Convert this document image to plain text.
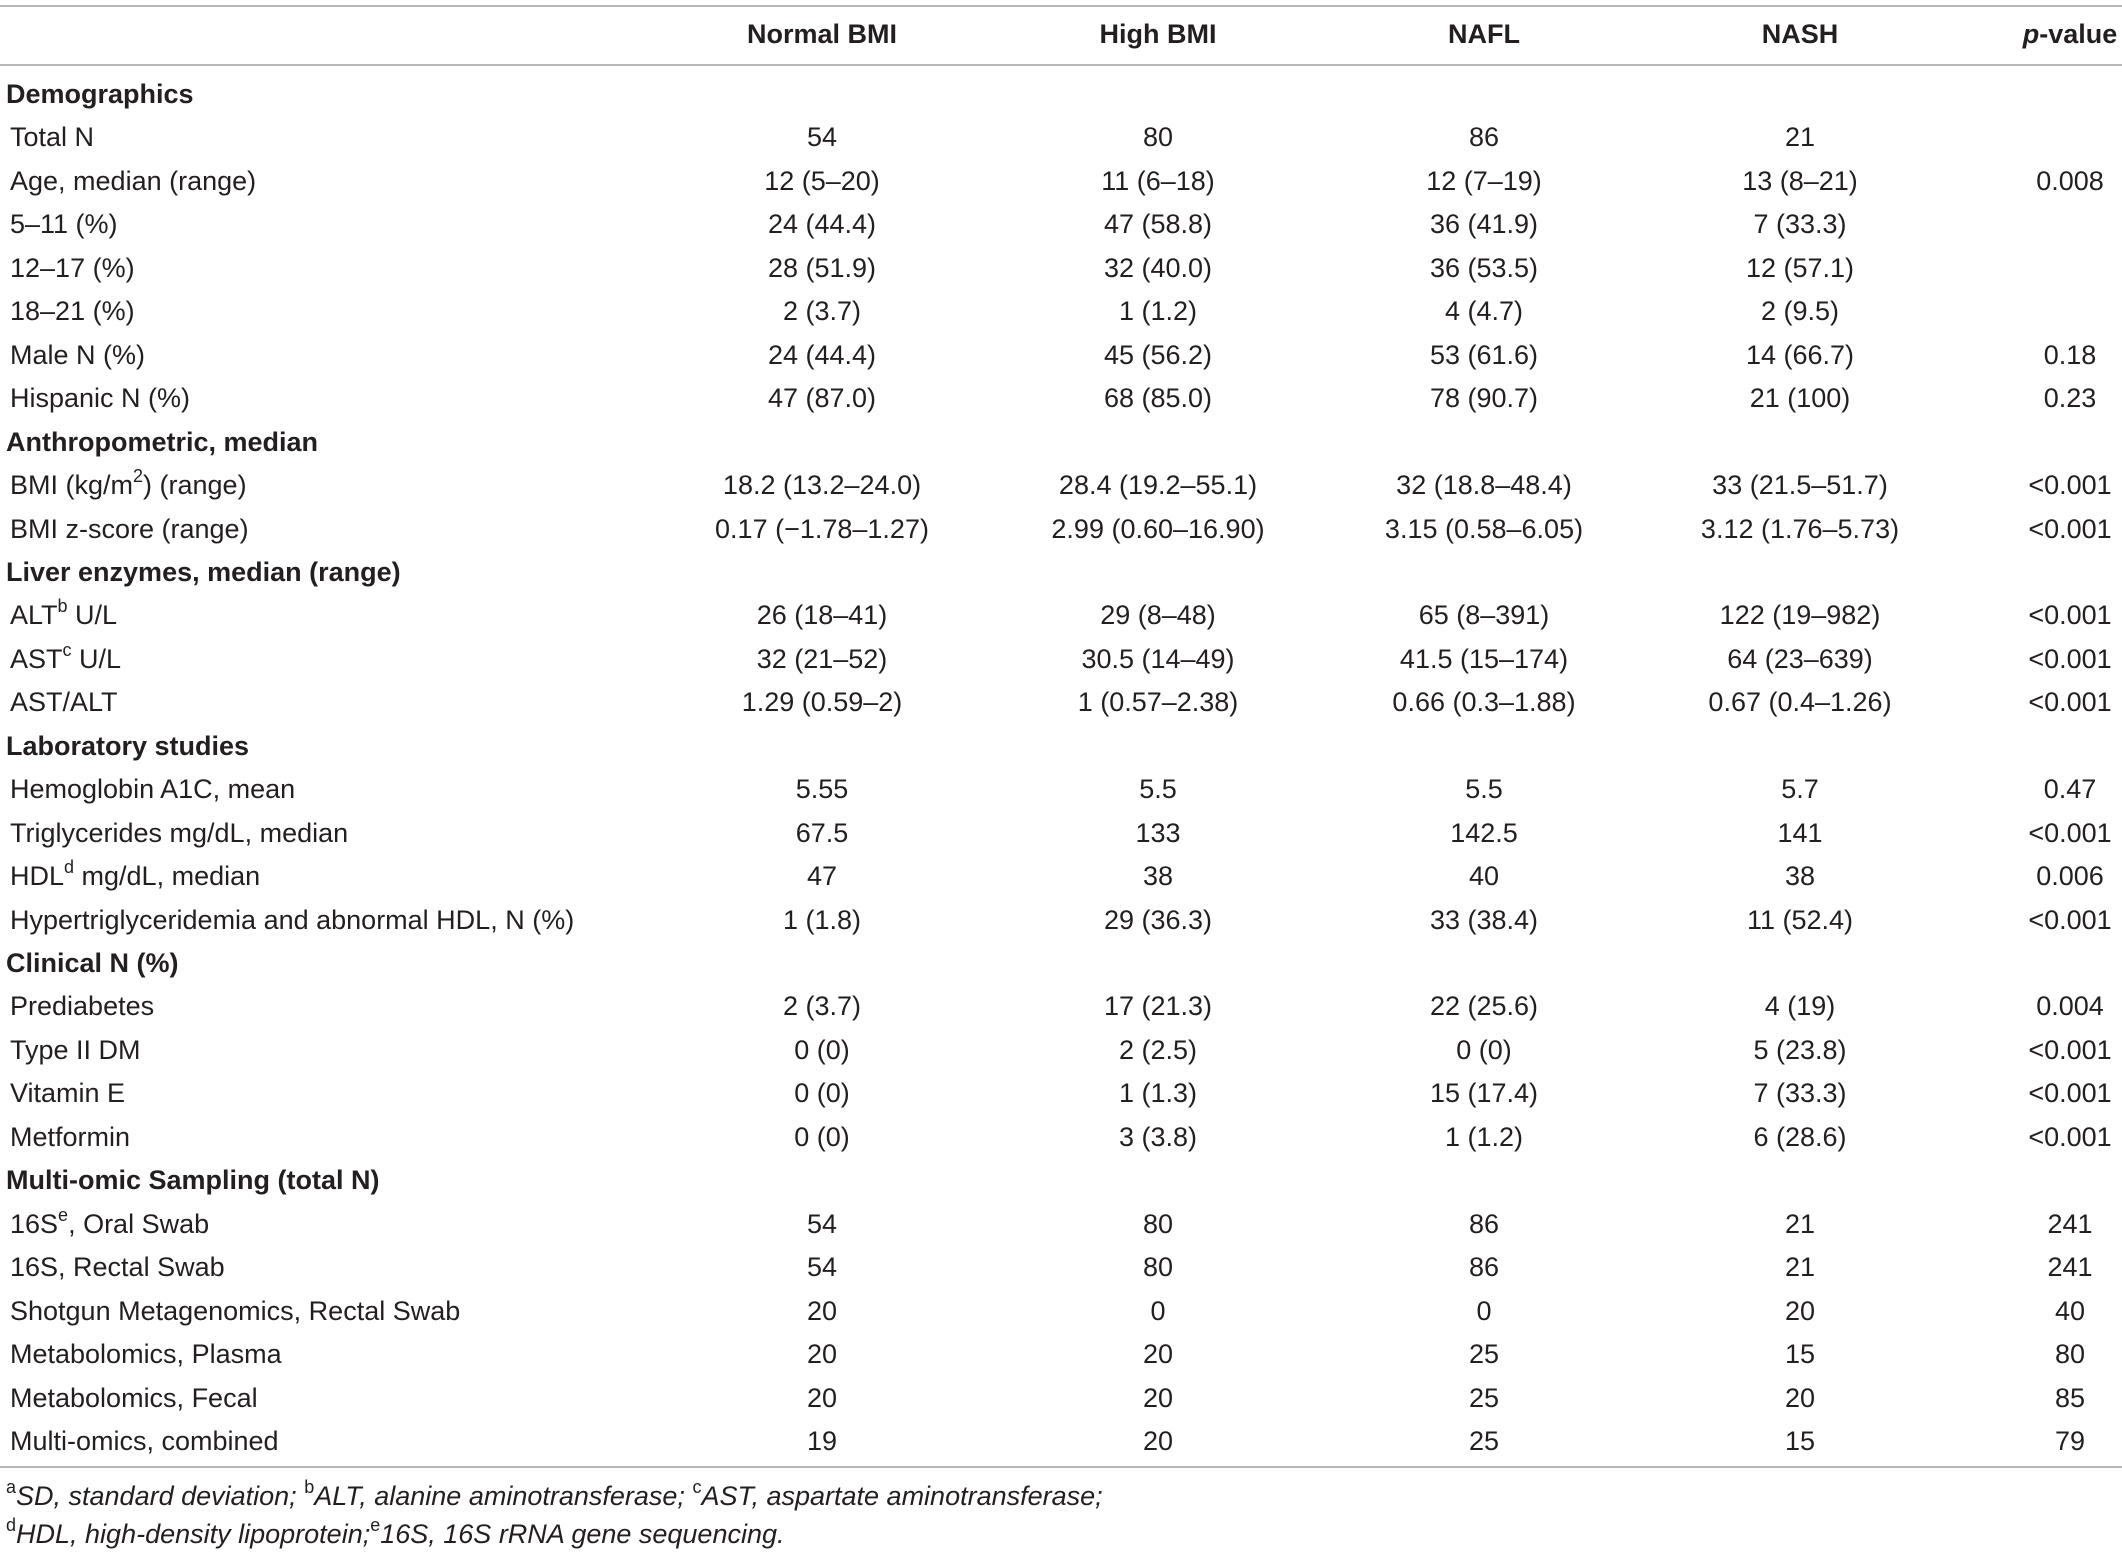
Normal BMI	High BMI	NAFL	NASH	p-value
Demographics
Total N	54	80	86	21
Age, median (range)	12 (5–20)	11 (6–18)	12 (7–19)	13 (8–21)	0.008
5–11 (%)	24 (44.4)	47 (58.8)	36 (41.9)	7 (33.3)
12–17 (%)	28 (51.9)	32 (40.0)	36 (53.5)	12 (57.1)
18–21 (%)	2 (3.7)	1 (1.2)	4 (4.7)	2 (9.5)
Male N (%)	24 (44.4)	45 (56.2)	53 (61.6)	14 (66.7)	0.18
Hispanic N (%)	47 (87.0)	68 (85.0)	78 (90.7)	21 (100)	0.23
Anthropometric, median
BMI $(kg/m^2)$ (range)	18.2 (13.2–24.0)	28.4 (19.2–55.1)	32 (18.8–48.4)	33 (21.5–51.7)	<0.001
BMI z-score (range)	0.17 (−1.78–1.27)	2.99 (0.60–16.90)	3.15 (0.58–6.05)	3.12 (1.76–5.73)	<0.001
Liver enzymes, median (range)
ALT$^b$ U/L	26 (18–41)	29 (8–48)	65 (8–391)	122 (19–982)	<0.001
AST$^c$ U/L	32 (21–52)	30.5 (14–49)	41.5 (15–174)	64 (23–639)	<0.001
AST/ALT	1.29 (0.59–2)	1 (0.57–2.38)	0.66 (0.3–1.88)	0.67 (0.4–1.26)	<0.001
Laboratory studies
Hemoglobin A1C, mean	5.55	5.5	5.5	5.7	0.47
Triglycerides mg/dL, median	67.5	133	142.5	141	<0.001
HDL$^d$ mg/dL, median	47	38	40	38	0.006
Hypertriglyceridemia and abnormal HDL, N (%)	1 (1.8)	29 (36.3)	33 (38.4)	11 (52.4)	<0.001
Clinical N (%)
Prediabetes	2 (3.7)	17 (21.3)	22 (25.6)	4 (19)	0.004
Type II DM	0 (0)	2 (2.5)	0 (0)	5 (23.8)	<0.001
Vitamin E	0 (0)	1 (1.3)	15 (17.4)	7 (33.3)	<0.001
Metformin	0 (0)	3 (3.8)	1 (1.2)	6 (28.6)	<0.001
Multi-omic Sampling (total N)
$16S^e$, Oral Swab	54	80	86	21	241
16S, Rectal Swab	54	80	86	21	241
Shotgun Metagenomics, Rectal Swab	20	0	0	20	40
Metabolomics, Plasma	20	20	25	15	80
Metabolomics, Fecal	20	20	25	20	85
Multi-omics, combined	19	20	25	15	79
$^a$SD, standard deviation; $^b$ALT, alanine aminotransferase; $^c$AST, aspartate aminotransferase;
$^d$HDL, high-density lipoprotein;$^e$16S, 16S rRNA gene sequencing.
